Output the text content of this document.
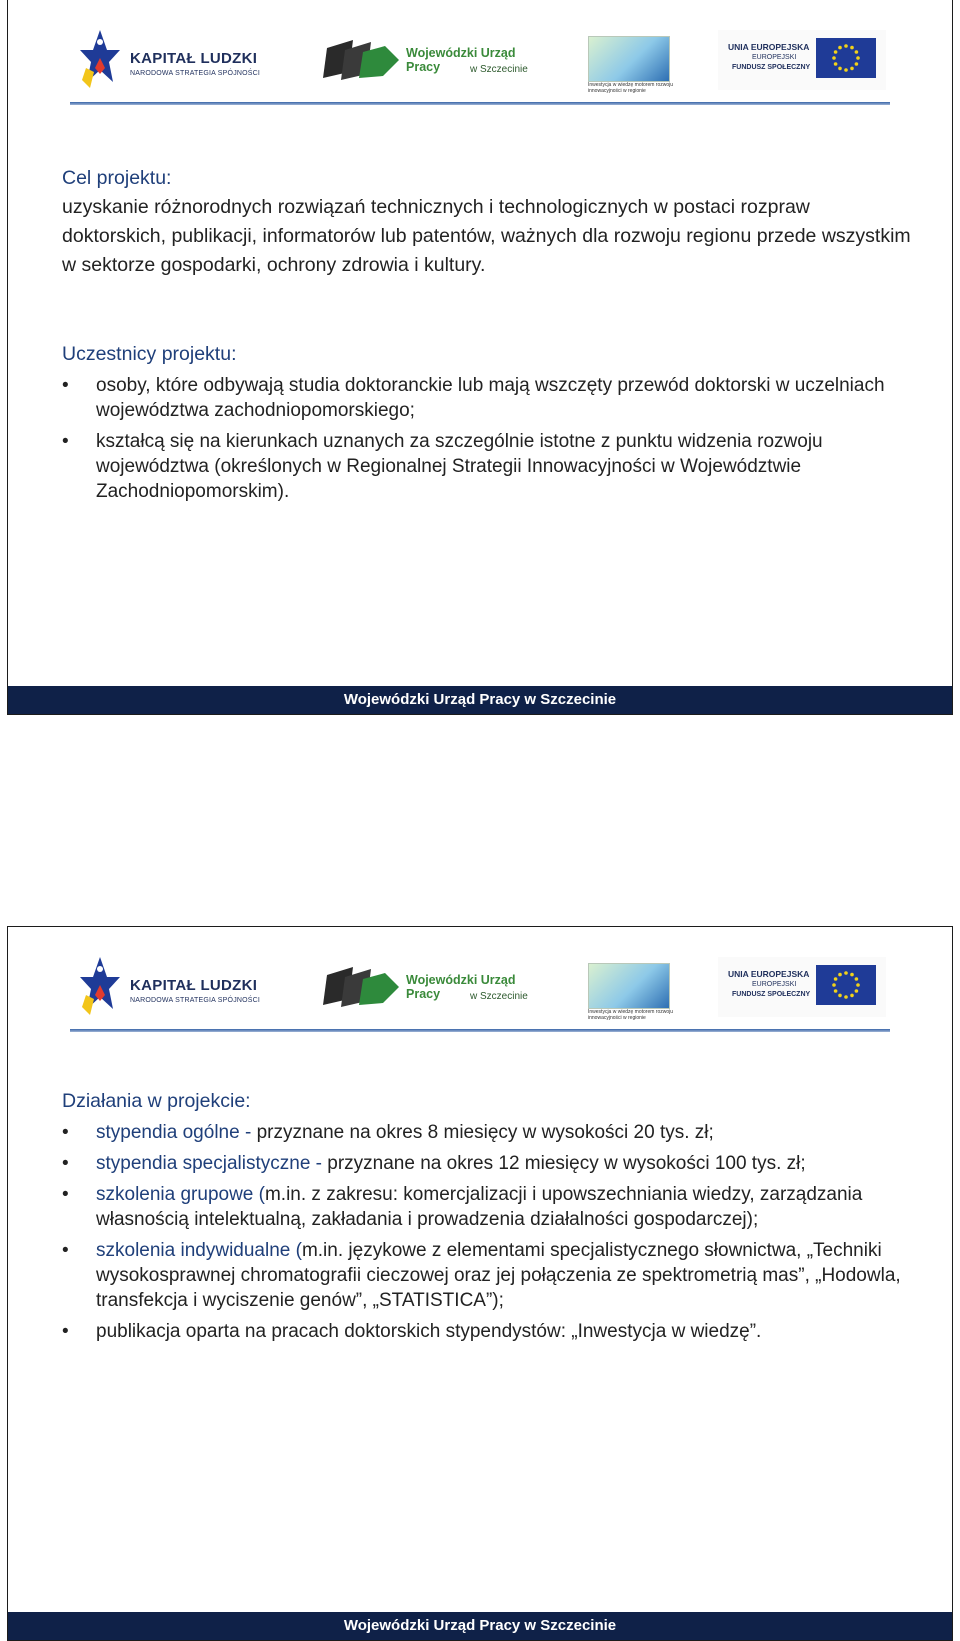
KAPITAŁ LUDZKI
NARODOWA STRATEGIA SPÓJNOŚCI
Wojewódzki Urząd Pracy	w Szczecinie
Inwestycja w wiedzę motorem rozwoju innowacyjności w regionie
UNIA EUROPEJSKA
EUROPEJSKI
FUNDUSZ SPOŁECZNY
Cel projektu:

uzyskanie różnorodnych rozwiązań technicznych i technologicznych w postaci rozpraw doktorskich, publikacji, informatorów lub patentów, ważnych dla rozwoju regionu przede wszystkim w sektorze gospodarki, ochrony zdrowia i kultury.

Uczestnicy projektu:
• osoby, które odbywają studia doktoranckie lub mają wszczęty przewód doktorski w uczelniach województwa zachodniopomorskiego;
• kształcą się na kierunkach uznanych za szczególnie istotne z punktu widzenia rozwoju województwa (określonych w Regionalnej Strategii Innowacyjności w Województwie Zachodniopomorskim).
Wojewódzki Urząd Pracy w Szczecinie
KAPITAŁ LUDZKI
NARODOWA STRATEGIA SPÓJNOŚCI
Wojewódzki Urząd Pracy	w Szczecinie
Inwestycja w wiedzę motorem rozwoju innowacyjności w regionie
UNIA EUROPEJSKA
EUROPEJSKI
FUNDUSZ SPOŁECZNY
Działania w projekcie:
• stypendia ogólne - przyznane na okres 8 miesięcy w wysokości 20 tys. zł;
• stypendia specjalistyczne - przyznane na okres 12 miesięcy w wysokości 100 tys. zł;
• szkolenia grupowe (m.in. z zakresu: komercjalizacji i upowszechniania wiedzy, zarządzania własnością intelektualną, zakładania i prowadzenia działalności gospodarczej);
• szkolenia indywidualne (m.in. językowe z elementami specjalistycznego słownictwa, „Techniki wysokosprawnej chromatografii cieczowej oraz jej połączenia ze spektrometrią mas”, „Hodowla, transfekcja i wyciszenie genów”, „STATISTICA”);
• publikacja oparta na pracach doktorskich stypendystów: „Inwestycja w wiedzę”.
Wojewódzki Urząd Pracy w Szczecinie
